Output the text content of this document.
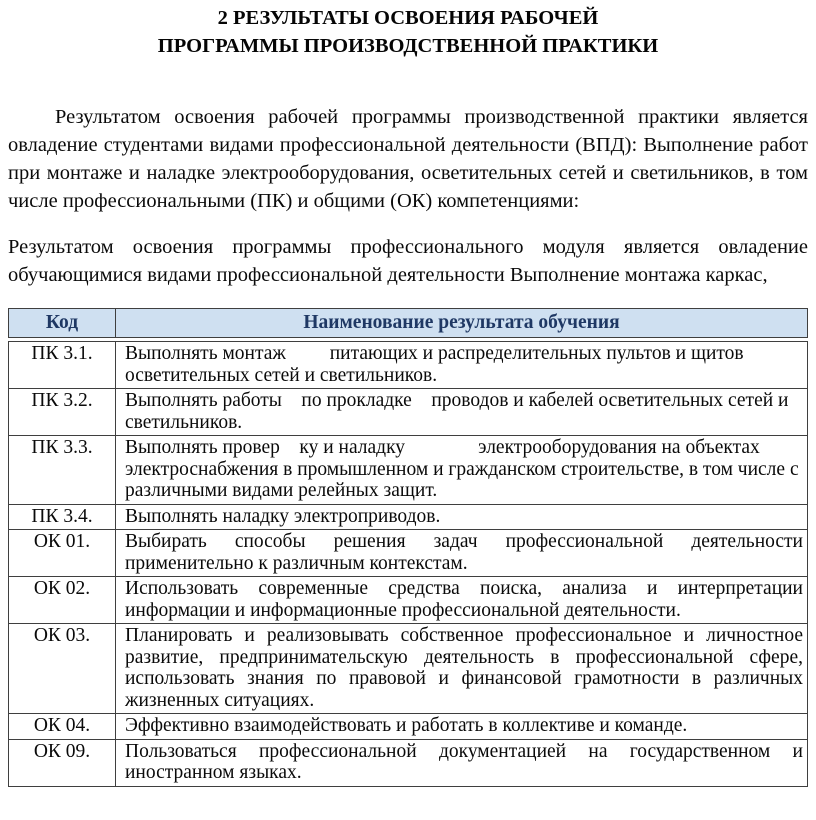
2 РЕЗУЛЬТАТЫ ОСВОЕНИЯ РАБОЧЕЙ ПРОГРАММЫ ПРОИЗВОДСТВЕННОЙ ПРАКТИКИ

Результатом освоения рабочей программы производственной практики является овладение студентами видами профессиональной деятельности (ВПД): Выполнение работ при монтаже и наладке электрооборудования, осветительных сетей и светильников, в том числе профессиональными (ПК) и общими (ОК) компетенциями:

Результатом освоения программы профессионального модуля является овладение обучающимися видами профессиональной деятельности Выполнение монтажа каркас,

Код	Наименование результата обучения
ПК 3.1.	Выполнять монтаж         питающих и распределительных пультов и щитов осветительных сетей и светильников.
ПК 3.2.	Выполнять работы    по прокладке    проводов и кабелей осветительных сетей и светильников.
ПК 3.3.	Выполнять провер    ку и наладку               электрооборудования на объектах электроснабжения в промышленном и гражданском строительстве, в том числе с различными видами релейных защит.
ПК 3.4.	Выполнять наладку электроприводов.
ОК 01.	Выбирать способы решения задач профессиональной деятельности применительно к различным контекстам.
ОК 02.	Использовать современные средства поиска, анализа и интерпретации информации и информационные профессиональной деятельности.
ОК 03.	Планировать и реализовывать собственное профессиональное и личностное развитие, предпринимательскую деятельность в профессиональной сфере, использовать знания по правовой и финансовой грамотности в различных жизненных ситуациях.
ОК 04.	Эффективно взаимодействовать и работать в коллективе и команде.
ОК 09.	Пользоваться профессиональной документацией на государственном и иностранном языках.
